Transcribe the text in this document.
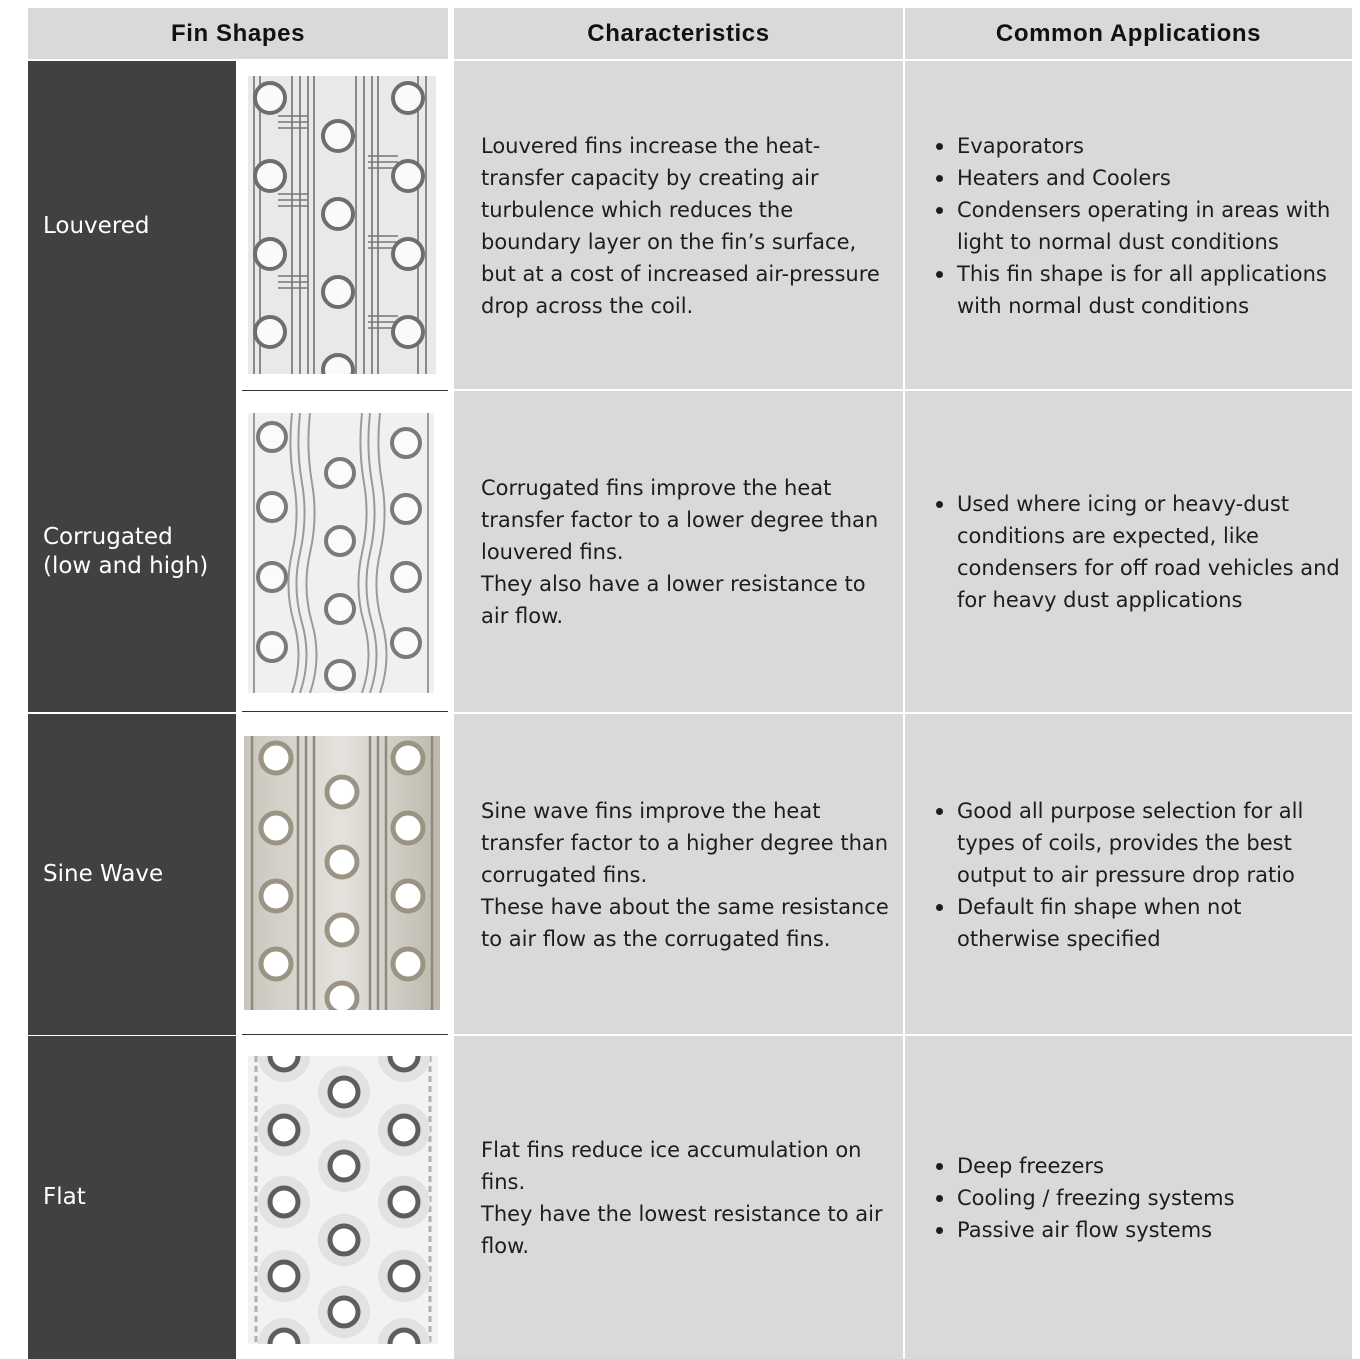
Fin Shapes	Characteristics	Common Applications
Louvered

Louvered fins increase the heat-transfer capacity by creating air turbulence which reduces the boundary layer on the fin’s surface, but at a cost of increased air-pressure drop across the coil.

Evaporators
Heaters and Coolers
Condensers operating in areas with light to normal dust conditions
This fin shape is for all applications with normal dust conditions
Corrugated
(low and high)

Corrugated fins improve the heat transfer factor to a lower degree than louvered fins.
They also have a lower resistance to air flow.

Used where icing or heavy-dust conditions are expected, like condensers for off road vehicles and for heavy dust applications
Sine Wave

Sine wave fins improve the heat transfer factor to a higher degree than corrugated fins.
These have about the same resistance to air flow as the corrugated fins.

Good all purpose selection for all types of coils, provides the best output to air pressure drop ratio
Default fin shape when not otherwise specified
Flat

Flat fins reduce ice accumulation on fins.
They have the lowest resistance to air flow.

Deep freezers
Cooling / freezing systems
Passive air flow systems
